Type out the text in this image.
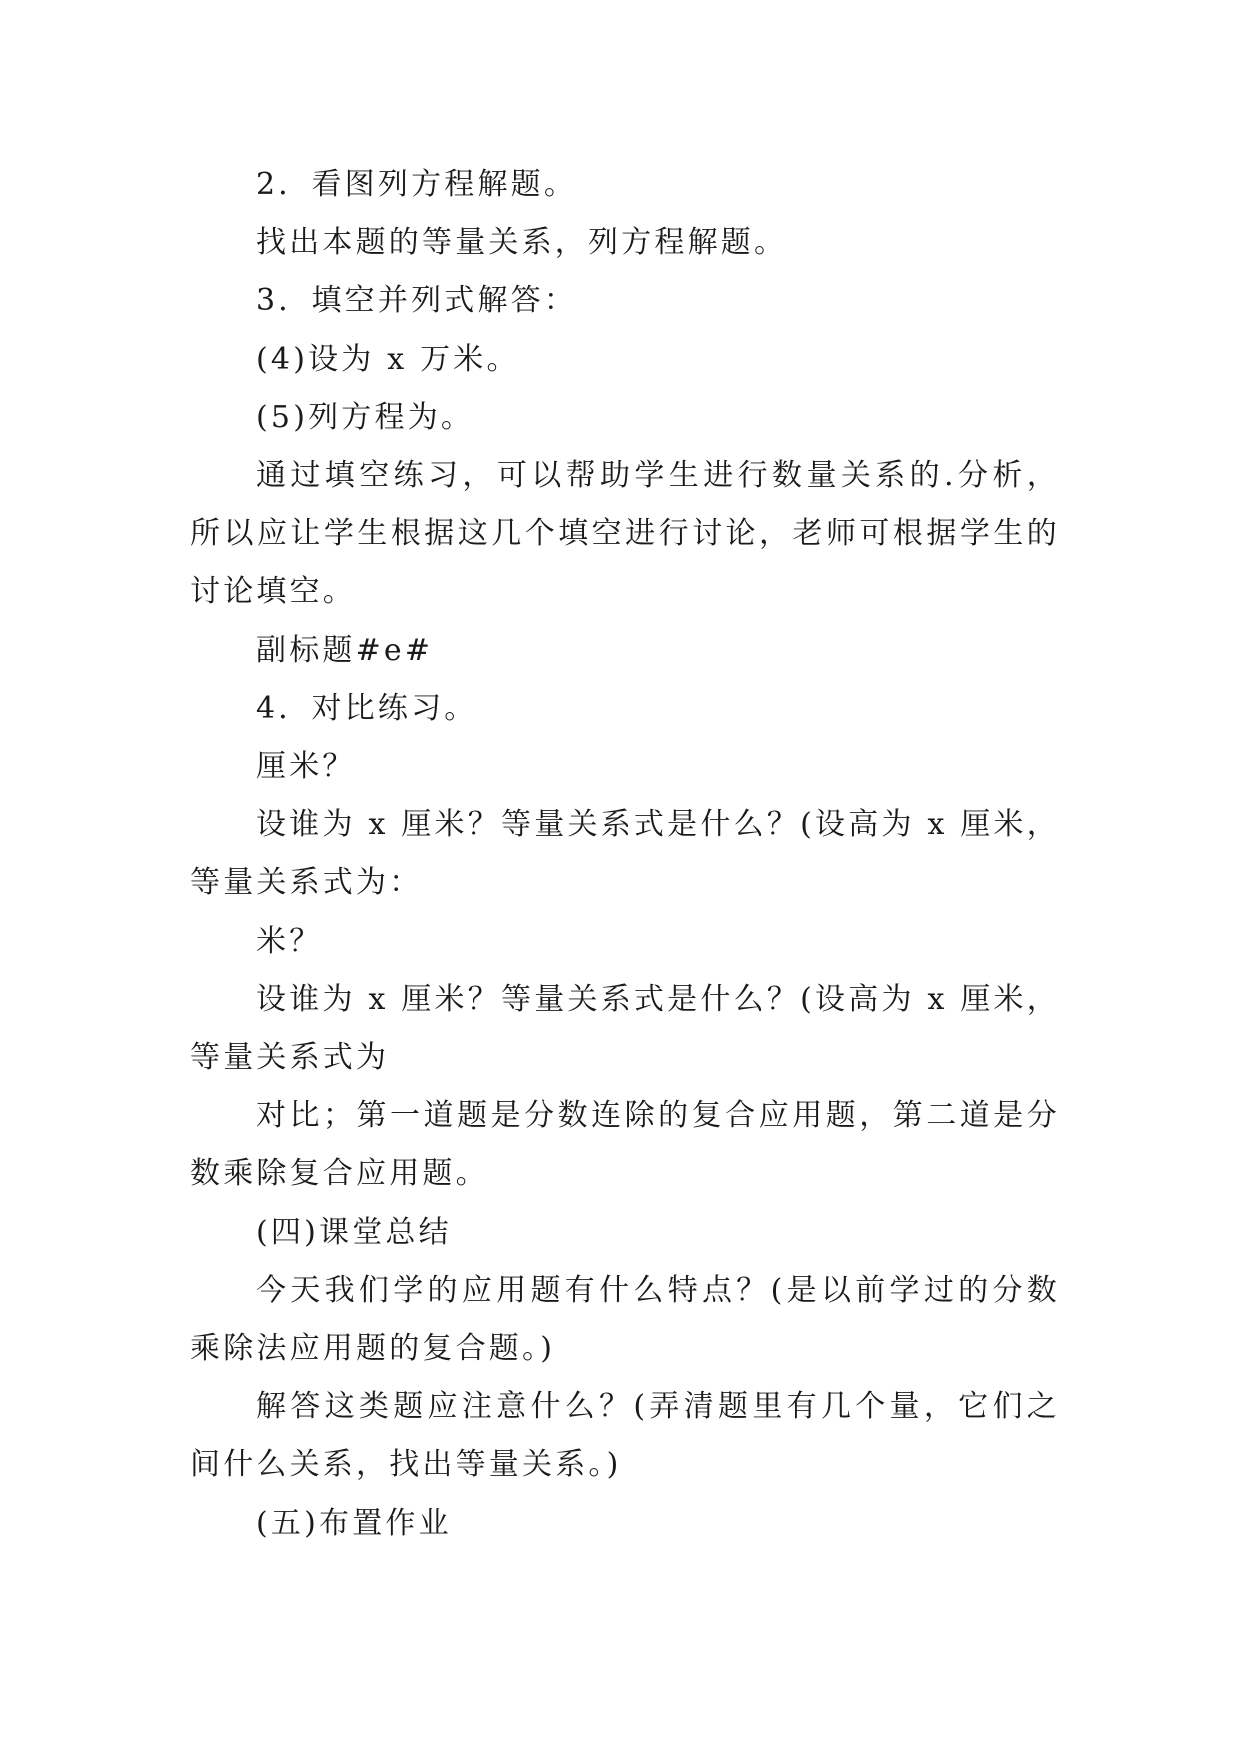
2．看图列方程解题。

找出本题的等量关系，列方程解题。

3．填空并列式解答：

(4)设为 x 万米。

(5)列方程为。

通过填空练习，可以帮助学生进行数量关系的.分析，所以应让学生根据这几个填空进行讨论，老师可根据学生的讨论填空。

副标题#e#

4．对比练习。

厘米？

设谁为 x 厘米？等量关系式是什么？(设高为 x 厘米，等量关系式为：

米？

设谁为 x 厘米？等量关系式是什么？(设高为 x 厘米，等量关系式为

对比；第一道题是分数连除的复合应用题，第二道是分数乘除复合应用题。

(四)课堂总结

今天我们学的应用题有什么特点？(是以前学过的分数乘除法应用题的复合题。)

解答这类题应注意什么？(弄清题里有几个量，它们之间什么关系，找出等量关系。)

(五)布置作业
